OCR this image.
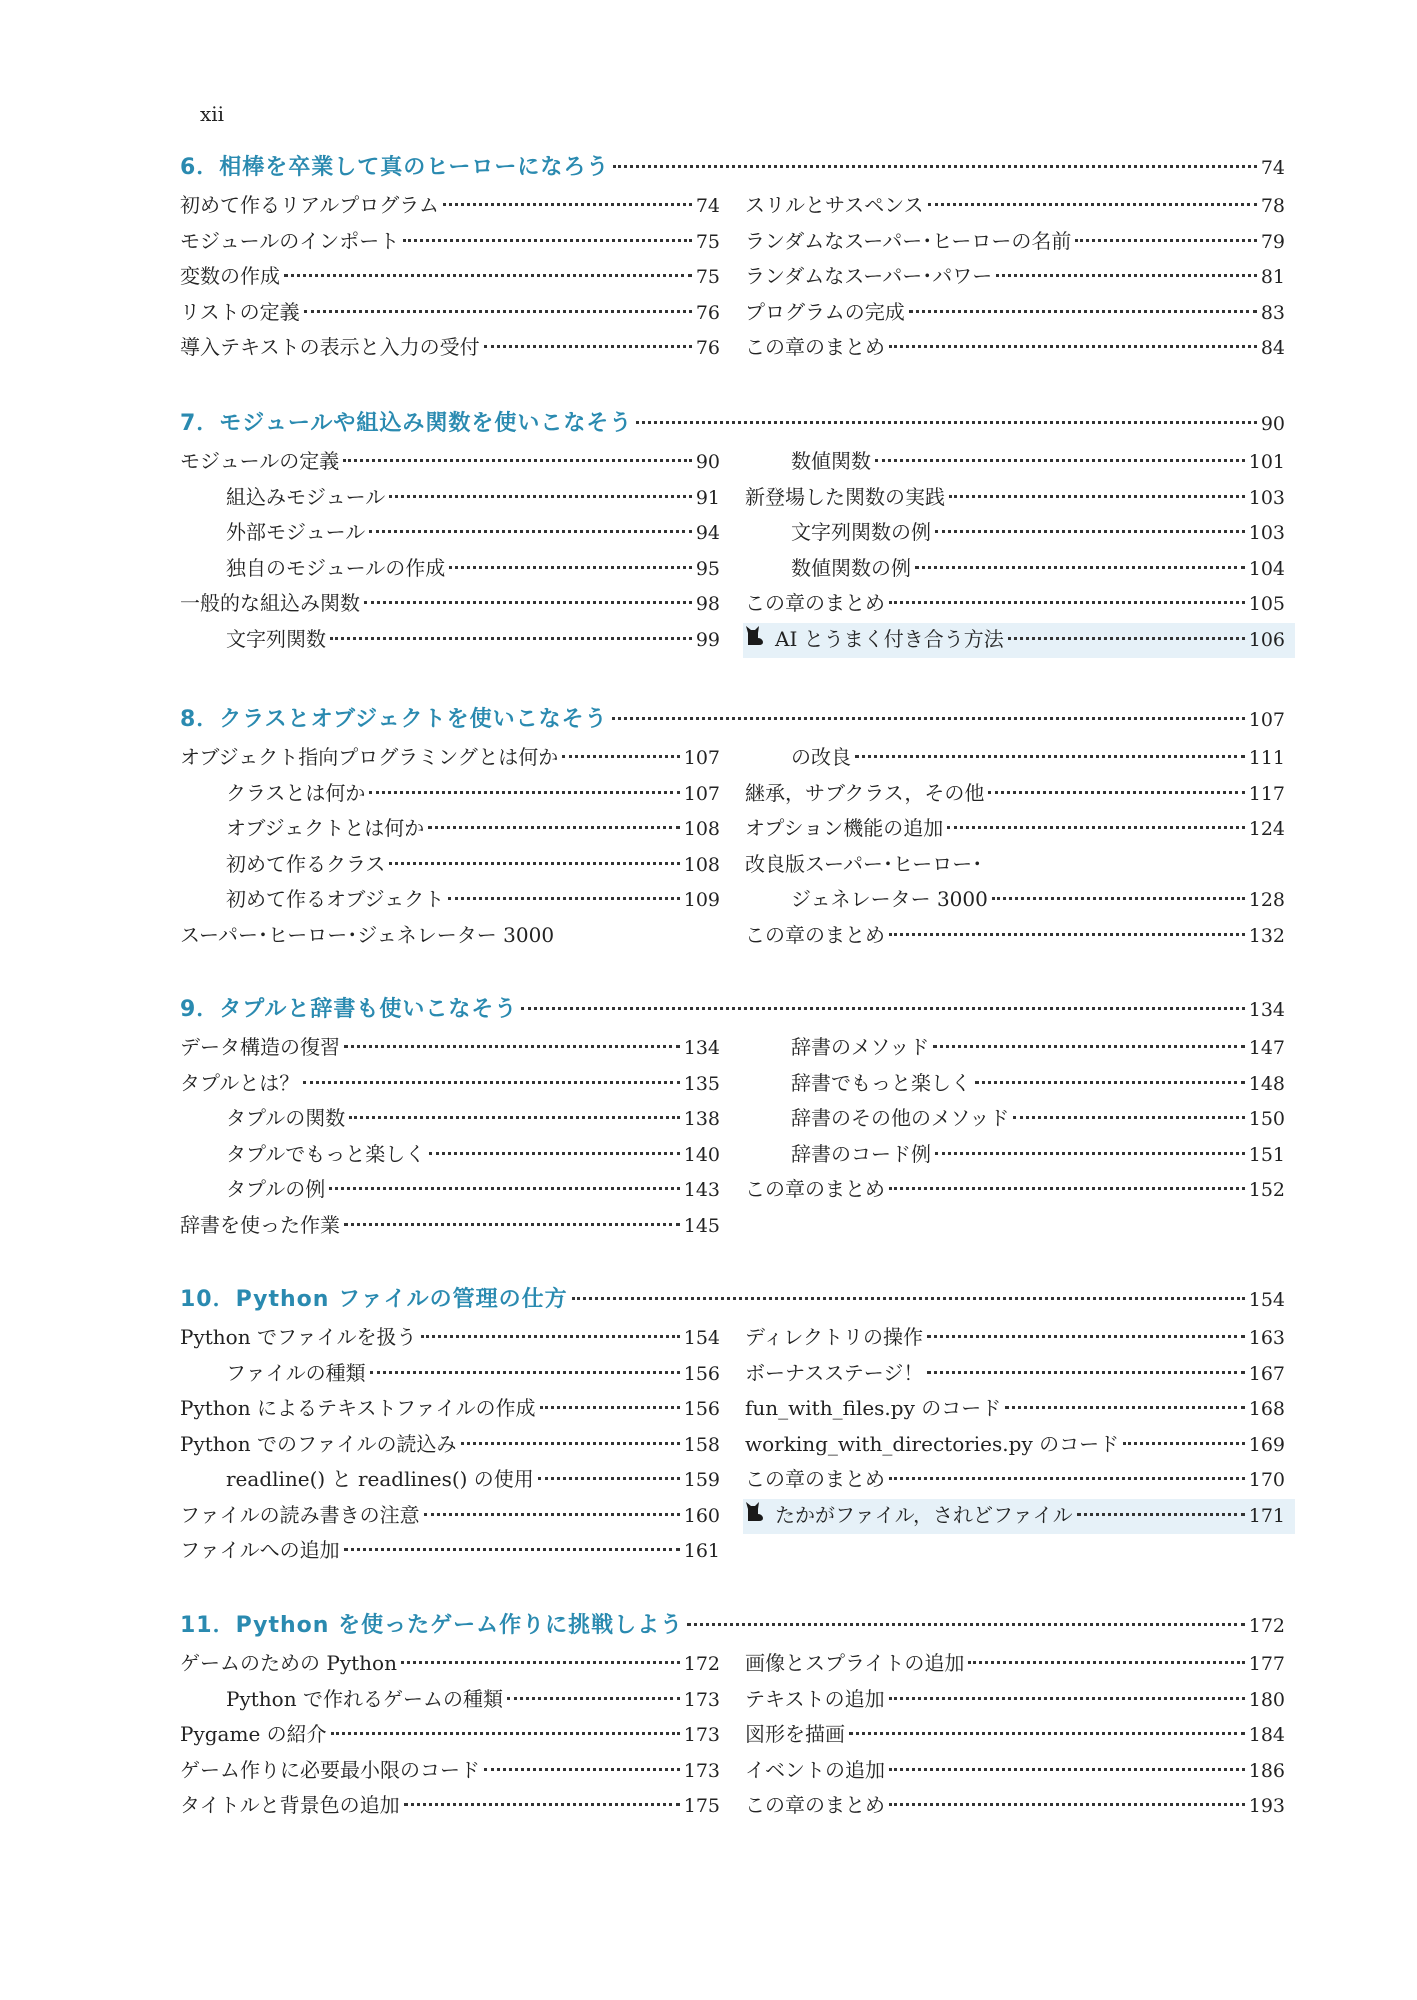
xii
6．相棒を卒業して真のヒーローになろう	74
初めて作るリアルプログラム	74
モジュールのインポート	75
変数の作成	75
リストの定義	76
導入テキストの表示と入力の受付	76
スリルとサスペンス	78
ランダムなスーパー･ヒーローの名前	79
ランダムなスーパー･パワー	81
プログラムの完成	83
この章のまとめ	84
7．モジュールや組込み関数を使いこなそう	90
モジュールの定義	90
組込みモジュール	91
外部モジュール	94
独自のモジュールの作成	95
一般的な組込み関数	98
文字列関数	99
数値関数	101
新登場した関数の実践	103
文字列関数の例	103
数値関数の例	104
この章のまとめ	105
AI とうまく付き合う方法	106
8．クラスとオブジェクトを使いこなそう	107
オブジェクト指向プログラミングとは何か	107
クラスとは何か	107
オブジェクトとは何か	108
初めて作るクラス	108
初めて作るオブジェクト	109
スーパー･ヒーロー･ジェネレーター 3000
の改良	111
継承，サブクラス，その他	117
オプション機能の追加	124
改良版スーパー･ヒーロー･
ジェネレーター 3000	128
この章のまとめ	132
9．タプルと辞書も使いこなそう	134
データ構造の復習	134
タプルとは？	135
タプルの関数	138
タプルでもっと楽しく	140
タプルの例	143
辞書を使った作業	145
辞書のメソッド	147
辞書でもっと楽しく	148
辞書のその他のメソッド	150
辞書のコード例	151
この章のまとめ	152
10．Python ファイルの管理の仕方	154
Python でファイルを扱う	154
ファイルの種類	156
Python によるテキストファイルの作成	156
Python でのファイルの読込み	158
readline() と readlines() の使用	159
ファイルの読み書きの注意	160
ファイルへの追加	161
ディレクトリの操作	163
ボーナスステージ！	167
fun_with_files.py のコード	168
working_with_directories.py のコード	169
この章のまとめ	170
たかがファイル，されどファイル	171
11．Python を使ったゲーム作りに挑戦しよう	172
ゲームのための Python	172
Python で作れるゲームの種類	173
Pygame の紹介	173
ゲーム作りに必要最小限のコード	173
タイトルと背景色の追加	175
画像とスプライトの追加	177
テキストの追加	180
図形を描画	184
イベントの追加	186
この章のまとめ	193
